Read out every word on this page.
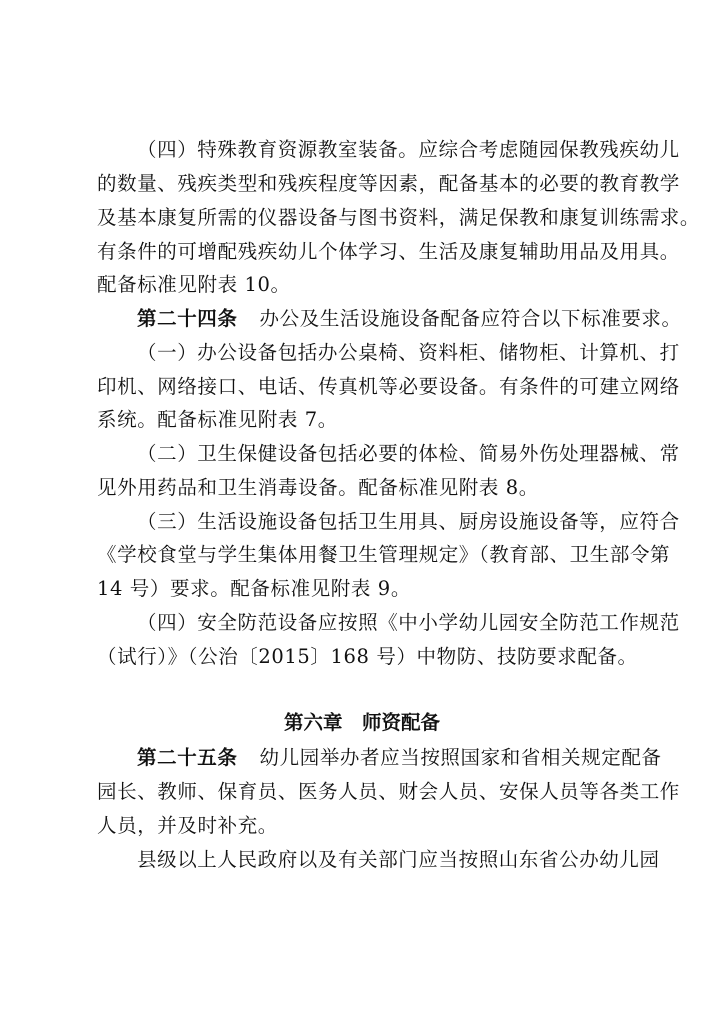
（四）特殊教育资源教室装备。应综合考虑随园保教残疾幼儿
的数量、残疾类型和残疾程度等因素，配备基本的必要的教育教学
及基本康复所需的仪器设备与图书资料，满足保教和康复训练需求。
有条件的可增配残疾幼儿个体学习、生活及康复辅助用品及用具。
配备标准见附表 10。
第二十四条 办公及生活设施设备配备应符合以下标准要求。
（一）办公设备包括办公桌椅、资料柜、储物柜、计算机、打
印机、网络接口、电话、传真机等必要设备。有条件的可建立网络
系统。配备标准见附表 7。
（二）卫生保健设备包括必要的体检、简易外伤处理器械、常
见外用药品和卫生消毒设备。配备标准见附表 8。
（三）生活设施设备包括卫生用具、厨房设施设备等，应符合
《学校食堂与学生集体用餐卫生管理规定》（教育部、卫生部令第
14 号）要求。配备标准见附表 9。
（四）安全防范设备应按照《中小学幼儿园安全防范工作规范
（试行）》（公治〔2015〕168 号）中物防、技防要求配备。
第六章　师资配备
第二十五条 幼儿园举办者应当按照国家和省相关规定配备
园长、教师、保育员、医务人员、财会人员、安保人员等各类工作
人员，并及时补充。
县级以上人民政府以及有关部门应当按照山东省公办幼儿园
